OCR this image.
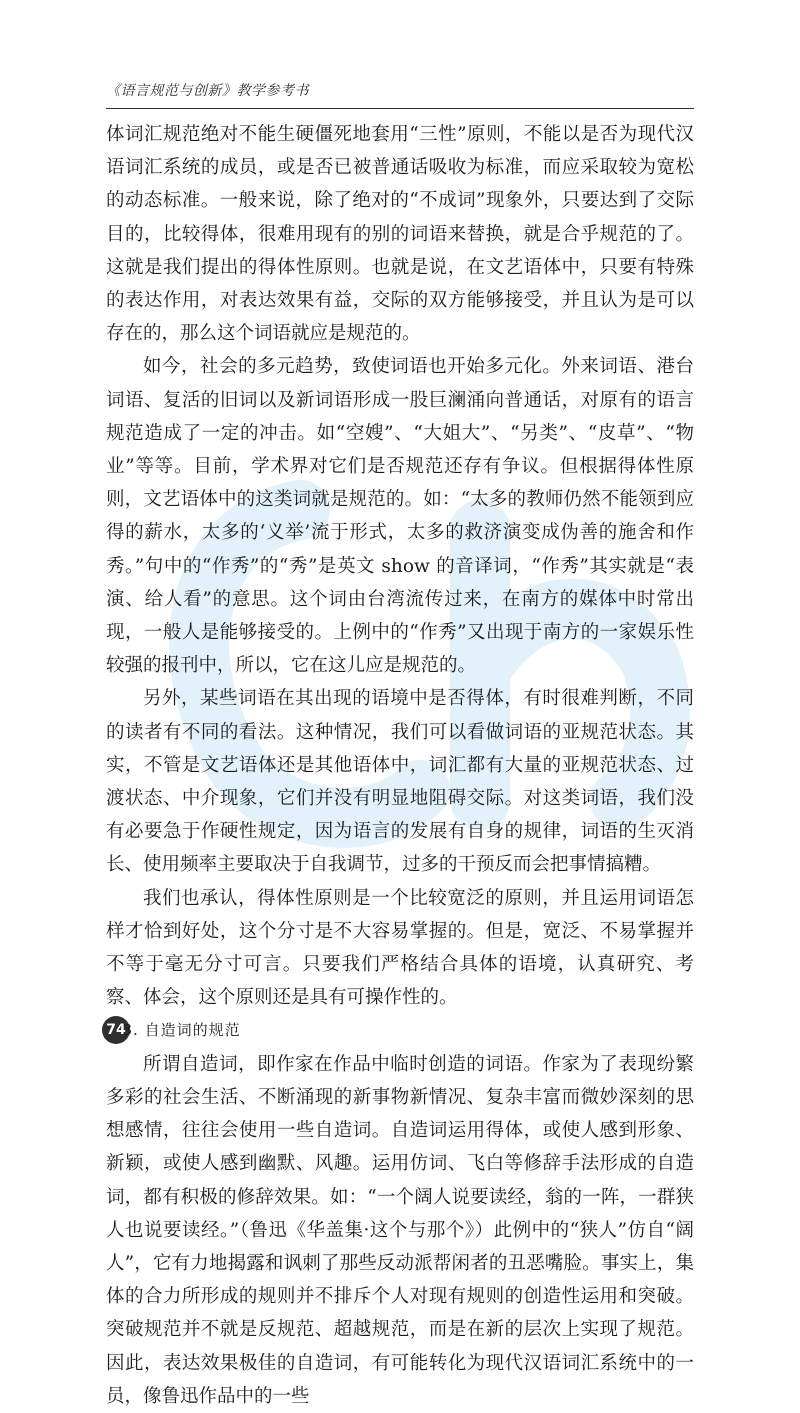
《语言规范与创新》教学参考书

体词汇规范绝对不能生硬僵死地套用“三性”原则，不能以是否为现代汉语词汇系统的成员，或是否已被普通话吸收为标准，而应采取较为宽松的动态标准。一般来说，除了绝对的“不成词”现象外，只要达到了交际目的，比较得体，很难用现有的别的词语来替换，就是合乎规范的了。这就是我们提出的得体性原则。也就是说，在文艺语体中，只要有特殊的表达作用，对表达效果有益，交际的双方能够接受，并且认为是可以存在的，那么这个词语就应是规范的。

如今，社会的多元趋势，致使词语也开始多元化。外来词语、港台词语、复活的旧词以及新词语形成一股巨澜涌向普通话，对原有的语言规范造成了一定的冲击。如“空嫂”、“大姐大”、“另类”、“皮草”、“物业”等等。目前，学术界对它们是否规范还存有争议。但根据得体性原则，文艺语体中的这类词就是规范的。如：“太多的教师仍然不能领到应得的薪水，太多的‘义举’流于形式，太多的救济演变成伪善的施舍和作秀。”句中的“作秀”的“秀”是英文 show 的音译词，“作秀”其实就是“表演、给人看”的意思。这个词由台湾流传过来，在南方的媒体中时常出现，一般人是能够接受的。上例中的“作秀”又出现于南方的一家娱乐性较强的报刊中，所以，它在这儿应是规范的。

另外，某些词语在其出现的语境中是否得体，有时很难判断，不同的读者有不同的看法。这种情况，我们可以看做词语的亚规范状态。其实，不管是文艺语体还是其他语体中，词汇都有大量的亚规范状态、过渡状态、中介现象，它们并没有明显地阻碍交际。对这类词语，我们没有必要急于作硬性规定，因为语言的发展有自身的规律，词语的生灭消长、使用频率主要取决于自我调节，过多的干预反而会把事情搞糟。

我们也承认，得体性原则是一个比较宽泛的原则，并且运用词语怎样才恰到好处，这个分寸是不大容易掌握的。但是，宽泛、不易掌握并不等于毫无分寸可言。只要我们严格结合具体的语境，认真研究、考察、体会，这个原则还是具有可操作性的。

3. 自造词的规范

所谓自造词，即作家在作品中临时创造的词语。作家为了表现纷繁多彩的社会生活、不断涌现的新事物新情况、复杂丰富而微妙深刻的思想感情，往往会使用一些自造词。自造词运用得体，或使人感到形象、新颖，或使人感到幽默、风趣。运用仿词、飞白等修辞手法形成的自造词，都有积极的修辞效果。如：“一个阔人说要读经，翁的一阵，一群狭人也说要读经。”（鲁迅《华盖集·这个与那个》）此例中的“狭人”仿自“阔人”，它有力地揭露和讽刺了那些反动派帮闲者的丑恶嘴脸。事实上，集体的合力所形成的规则并不排斥个人对现有规则的创造性运用和突破。突破规范并不就是反规范、超越规范，而是在新的层次上实现了规范。因此，表达效果极佳的自造词，有可能转化为现代汉语词汇系统中的一员，像鲁迅作品中的一些

74
